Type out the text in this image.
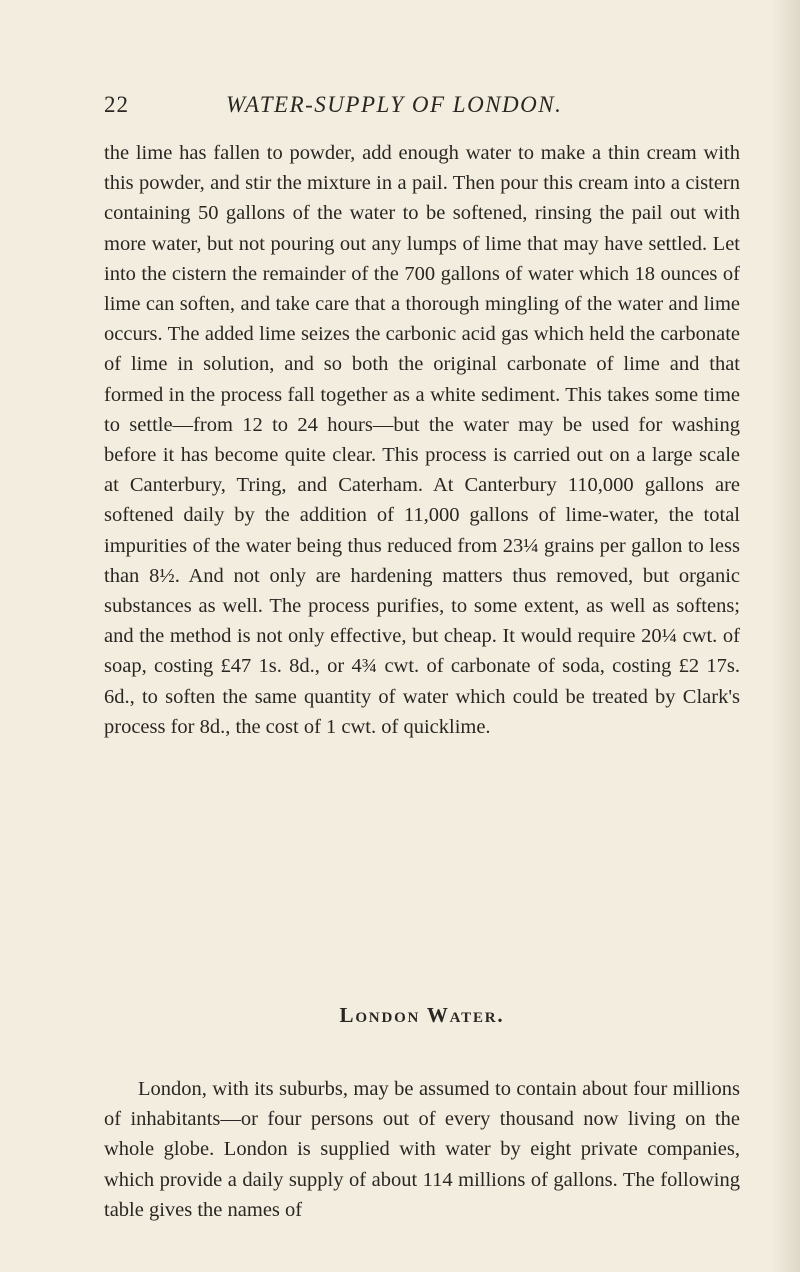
22	WATER-SUPPLY OF LONDON.

the lime has fallen to powder, add enough water to make a thin cream with this powder, and stir the mixture in a pail. Then pour this cream into a cistern containing 50 gallons of the water to be softened, rinsing the pail out with more water, but not pouring out any lumps of lime that may have settled. Let into the cistern the remainder of the 700 gallons of water which 18 ounces of lime can soften, and take care that a thorough mingling of the water and lime occurs. The added lime seizes the carbonic acid gas which held the carbonate of lime in solution, and so both the original carbonate of lime and that formed in the process fall together as a white sediment. This takes some time to settle—from 12 to 24 hours—but the water may be used for washing before it has become quite clear. This process is carried out on a large scale at Canterbury, Tring, and Caterham. At Canterbury 110,000 gallons are softened daily by the addition of 11,000 gallons of lime-water, the total impurities of the water being thus reduced from 23¼ grains per gallon to less than 8½. And not only are hardening matters thus removed, but organic substances as well. The process purifies, to some extent, as well as softens; and the method is not only effective, but cheap. It would require 20¼ cwt. of soap, costing £47 1s. 8d., or 4¾ cwt. of carbonate of soda, costing £2 17s. 6d., to soften the same quantity of water which could be treated by Clark's process for 8d., the cost of 1 cwt. of quicklime.

London Water.

London, with its suburbs, may be assumed to contain about four millions of inhabitants—or four persons out of every thousand now living on the whole globe. London is supplied with water by eight private companies, which provide a daily supply of about 114 millions of gallons. The following table gives the names of
